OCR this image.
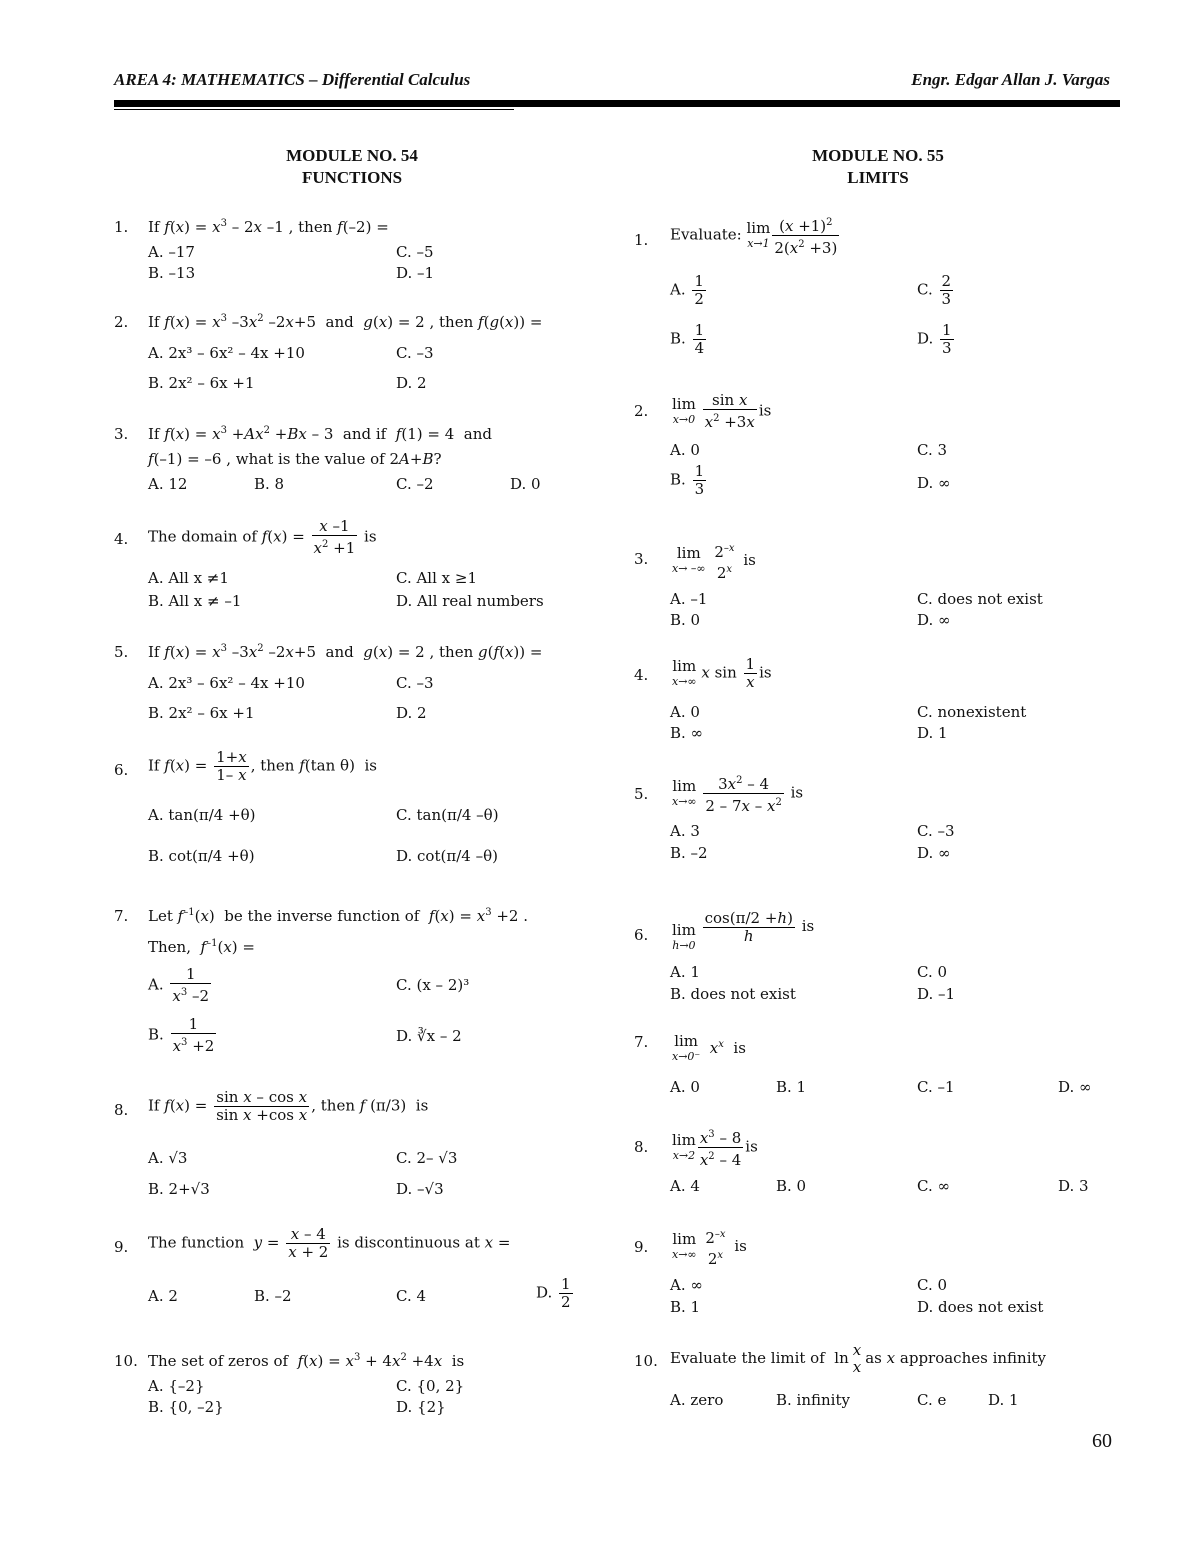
AREA 4: MATHEMATICS – Differential Calculus	Engr. Edgar Allan J. Vargas
MODULE NO. 54
FUNCTIONS
MODULE NO. 55
LIMITS
1. If $f(x) = x^3 - 2x$ –1 , then f(–2) =
A. –17
B. –13
C. –5
D. –1
2. If $f(x) = x^3$ $-3x^2$ –2x+5  and  g(x) = 2 , then f(g(x)) =
A. 2x³ – 6x² – 4x +10
B. 2x² – 6x +1
C. –3
D. 2
3. If $f(x) = x^3 +Ax^2 +Bx - 3$  and if  f(1) = 4  and
f(–1) = –6 , what is the value of 2A+B?
A. 12	B. 8	C. –2	D. 0
4. The domain of $f(x) = \frac{x -1}{x^2 +1}$ is
A. All x ≠1
B. All x ≠ –1
C. All x ≥1
D. All real numbers
5. If $f(x) = x^3$ $-3x^2$ –2x+5  and  g(x) = 2 , then g(f(x)) =
A. 2x³ – 6x² – 4x +10
B. 2x² – 6x +1
C. –3
D. 2
6. If $f(x) = \frac{1+x}{1- x}$ , then f(tan θ)  is
A. tan(π/4 +θ)
B. cot(π/4 +θ)
C. tan(π/4 –θ)
D. cot(π/4 –θ)
7. Let $f^{-1}(x)$  be the inverse function of  $f(x) = x^3 +2$ .
Then,  $f^{-1}(x)$ =
A. $\frac{1}{x^3 -2}$
B. $\frac{1}{x^3 +2}$
C. (x – 2)³
D. ∛x – 2
8. If $f(x) = \frac{\text{sin x – cos x}}{\text{sin x +cos x}}$ , then f (π/3)  is
A. √3
B. 2+√3
C. 2– √3
D. –√3
9. The function  $y = \frac{x - 4}{x + 2}$ is discontinuous at x =
A. 2	B. –2	C. 4	D. $\frac{1}{2}$
10. The set of zeros of  $f(x) = x^3 + 4x^2 +4x$  is
A. {–2}
B. {0, –2}
C. {0, 2}
D. {2}
1. Evaluate: lim
$x\to 1 \frac{(x +1)^2}{2(x^2 +3)}$
A. $\frac{1}{2}$
B. $\frac{1}{4}$
C. $\frac{2}{3}$
D. $\frac{1}{3}$
2. lim
x→0
$\frac{\text{sin x}}{x^2 +3x}$ is
A. 0
B. $\frac{1}{3}$
C. 3
D. ∞
3.	lim
x→ –∞

$2^{-x}$
2$^x$
is
A. –1
B. 0
C. does not exist
D. ∞
4.
lim
x→∞ x $\sin \frac{1}{x}$ is
A. 0
B. ∞
C. nonexistent
D. 1
5. lim
x→∞
$\frac{3x^2 - 4}{2 - 7x - x^2}$ is
A. 3
B. –2
C. –3
D. ∞
6. lim
h→0

$\frac{\cos(\pi/2 +h)}{h}$ is
A. 1
B. does not exist
C. 0
D. –1
7. lim
x→0⁻ $x^x$  is
A. 0	B. 1	C. –1	D. ∞
8. lim
$x\to 2 \frac{x^3 - 8}{x^2 - 4}$ is
A. 4	B. 0	C. ∞	D. 3
9. lim
x→∞

$2^{-x}$
2$^x$
is
A. ∞
B. 1
C. 0
D. does not exist
10. Evaluate the limit of  ln x
x as x approaches infinity
A. zero	B. infinity	C. e	D. 1
60
